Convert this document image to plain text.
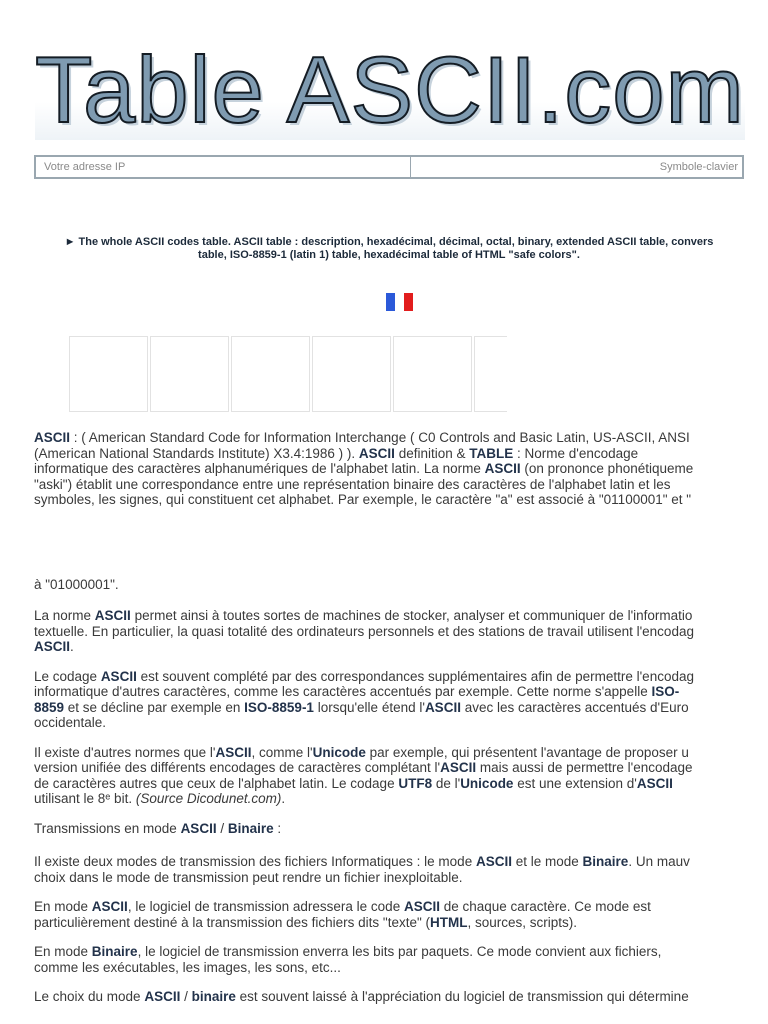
Table ASCII.com
Votre adresse IP	Symbole-clavier
► The whole ASCII codes table. ASCII table : description, hexadécimal, décimal, octal, binary, extended ASCII table, convers
table, ISO-8859-1 (latin 1) table, hexadécimal table of HTML "safe colors".

ASCII : ( American Standard Code for Information Interchange ( C0 Controls and Basic Latin, US-ASCII, ANSI
(American National Standards Institute) X3.4:1986 ) ). ASCII definition & TABLE : Norme d'encodage
informatique des caractères alphanumériques de l'alphabet latin. La norme ASCII (on prononce phonétiqueme
"aski") établit une correspondance entre une représentation binaire des caractères de l'alphabet latin et les
symboles, les signes, qui constituent cet alphabet. Par exemple, le caractère "a" est associé à "01100001" et "

à "01000001".

La norme ASCII permet ainsi à toutes sortes de machines de stocker, analyser et communiquer de l'informatio
textuelle. En particulier, la quasi totalité des ordinateurs personnels et des stations de travail utilisent l'encodag
ASCII.

Le codage ASCII est souvent complété par des correspondances supplémentaires afin de permettre l'encodag
informatique d'autres caractères, comme les caractères accentués par exemple. Cette norme s'appelle ISO-
8859 et se décline par exemple en ISO-8859-1 lorsqu'elle étend l'ASCII avec les caractères accentués d'Euro
occidentale.

Il existe d'autres normes que l'ASCII, comme l'Unicode par exemple, qui présentent l'avantage de proposer u
version unifiée des différents encodages de caractères complétant l'ASCII mais aussi de permettre l'encodage
de caractères autres que ceux de l'alphabet latin. Le codage UTF8 de l'Unicode est une extension d'ASCII
utilisant le 8ᵉ bit. (Source Dicodunet.com).

Transmissions en mode ASCII / Binaire :

Il existe deux modes de transmission des fichiers Informatiques : le mode ASCII et le mode Binaire. Un mauv
choix dans le mode de transmission peut rendre un fichier inexploitable.

En mode ASCII, le logiciel de transmission adressera le code ASCII de chaque caractère. Ce mode est
particulièrement destiné à la transmission des fichiers dits "texte" (HTML, sources, scripts).

En mode Binaire, le logiciel de transmission enverra les bits par paquets. Ce mode convient aux fichiers,
comme les exécutables, les images, les sons, etc...

Le choix du mode ASCII / binaire est souvent laissé à l'appréciation du logiciel de transmission qui détermine
